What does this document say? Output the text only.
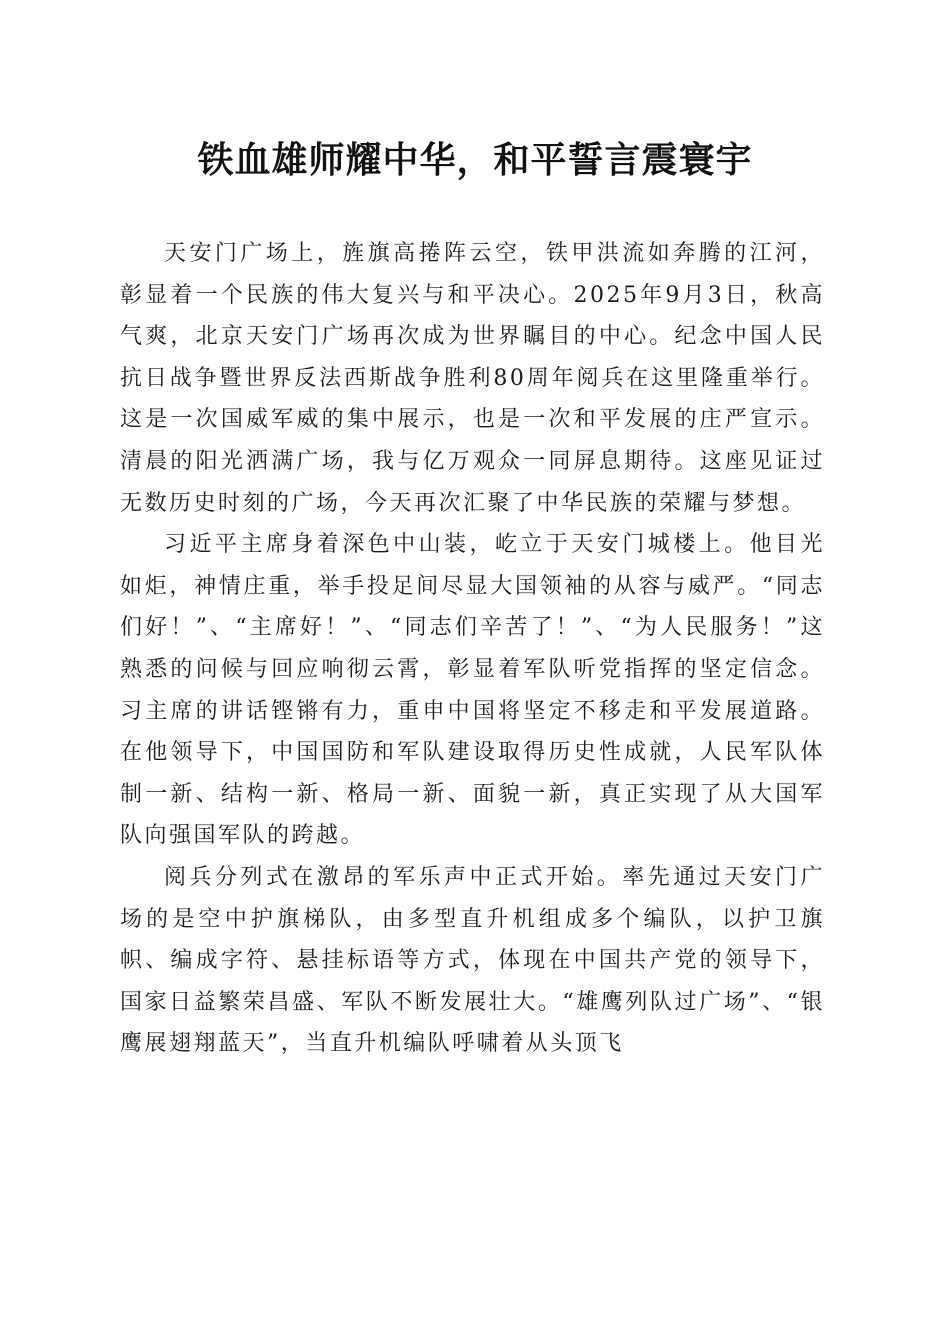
铁血雄师耀中华，和平誓言震寰宇

天安门广场上，旌旗高捲阵云空，铁甲洪流如奔腾的江河，彰显着一个民族的伟大复兴与和平决心。2025年9月3日，秋高气爽，北京天安门广场再次成为世界瞩目的中心。纪念中国人民抗日战争暨世界反法西斯战争胜利80周年阅兵在这里隆重举行。这是一次国威军威的集中展示，也是一次和平发展的庄严宣示。清晨的阳光洒满广场，我与亿万观众一同屏息期待。这座见证过无数历史时刻的广场，今天再次汇聚了中华民族的荣耀与梦想。

习近平主席身着深色中山装，屹立于天安门城楼上。他目光如炬，神情庄重，举手投足间尽显大国领袖的从容与威严。“同志们好！”、“主席好！”、“同志们辛苦了！”、“为人民服务！”这熟悉的问候与回应响彻云霄，彰显着军队听党指挥的坚定信念。习主席的讲话铿锵有力，重申中国将坚定不移走和平发展道路。在他领导下，中国国防和军队建设取得历史性成就，人民军队体制一新、结构一新、格局一新、面貌一新，真正实现了从大国军队向强国军队的跨越。

阅兵分列式在激昂的军乐声中正式开始。率先通过天安门广场的是空中护旗梯队，由多型直升机组成多个编队，以护卫旗帜、编成字符、悬挂标语等方式，体现在中国共产党的领导下，国家日益繁荣昌盛、军队不断发展壮大。“雄鹰列队过广场”、“银鹰展翅翔蓝天”，当直升机编队呼啸着从头顶飞
